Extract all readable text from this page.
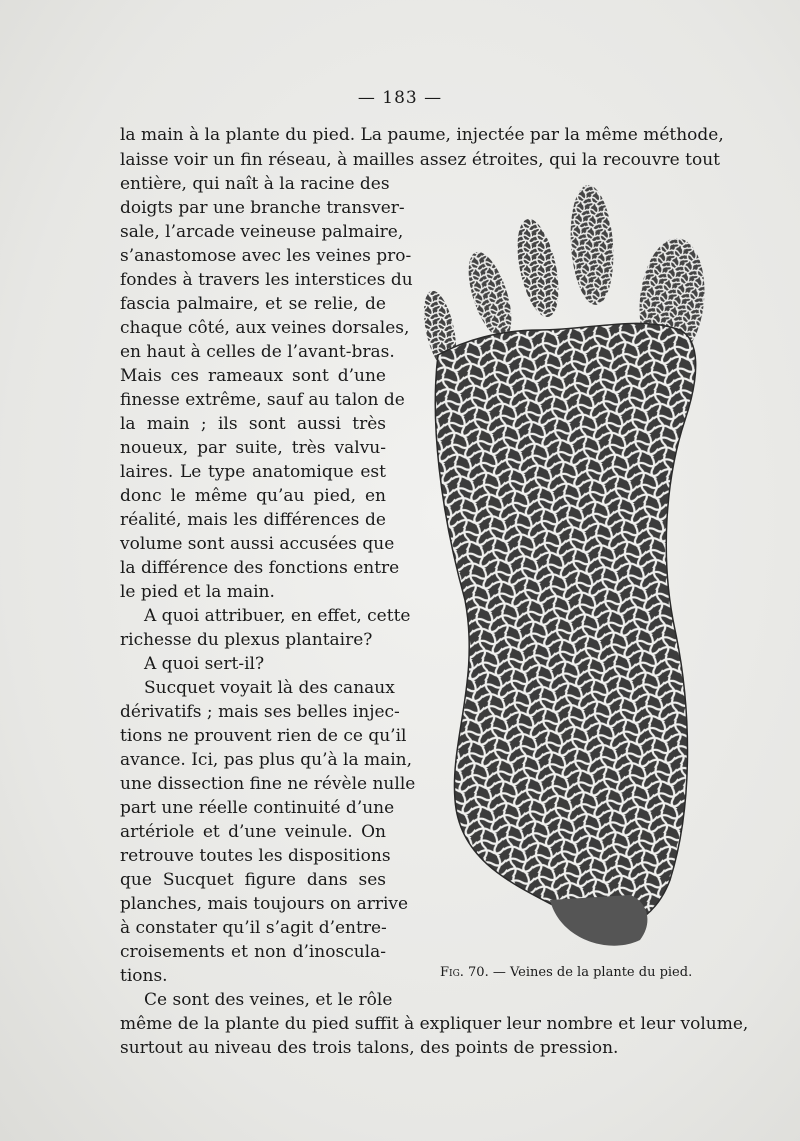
— 183 —
la main à la plante du pied. La paume, injectée par la même méthode,
laisse voir un fin réseau, à mailles assez étroites, qui la recouvre tout
entière, qui naît à la racine des
doigts par une branche transver-
sale, l’arcade veineuse palmaire,
s’anastomose avec les veines pro-
fondes à travers les interstices du
fascia palmaire, et se relie, de
chaque côté, aux veines dorsales,
en haut à celles de l’avant-bras.
Mais ces rameaux sont d’une
finesse extrême, sauf au talon de
la main ; ils sont aussi très
noueux, par suite, très valvu-
laires. Le type anatomique est
donc le même qu’au pied, en
réalité, mais les différences de
volume sont aussi accusées que
la différence des fonctions entre
le pied et la main.
A quoi attribuer, en effet, cette
richesse du plexus plantaire?
A quoi sert-il?
Sucquet voyait là des canaux
dérivatifs ; mais ses belles injec-
tions ne prouvent rien de ce qu’il
avance. Ici, pas plus qu’à la main,
une dissection fine ne révèle nulle
part une réelle continuité d’une
artériole et d’une veinule. On
retrouve toutes les dispositions
que Sucquet figure dans ses
planches, mais toujours on arrive
à constater qu’il s’agit d’entre-
croisements et non d’inoscula-
tions.
Ce sont des veines, et le rôle
même de la plante du pied suffit à expliquer leur nombre et leur volume,
surtout au niveau des trois talons, des points de pression.
Fig. 70. — Veines de la plante du pied.
